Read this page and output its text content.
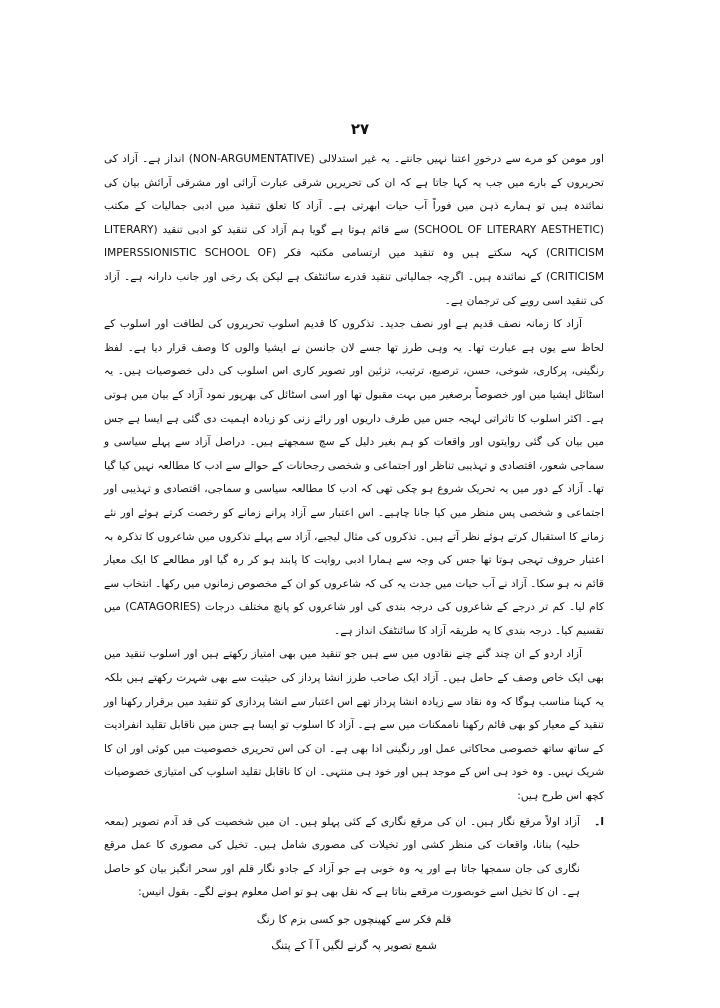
۲۷

اور مومن کو مرے سے درخورِ اعتنا نہیں جانتے۔ یہ غیر استدلالی (NON-ARGUMENTATIVE) انداز ہے۔ آزاد کی تحریروں کے بارے میں جب یہ کہا جاتا ہے کہ ان کی تحریریں شرقی عبارت آرائی اور مشرقی آرائش بیان کی نمائندہ ہیں تو ہمارے ذہن میں فوراً آب حیات ابھرتی ہے۔ آزاد کا تعلق تنقید میں ادبی جمالیات کے مکتب (SCHOOL OF LITERARY AESTHETIC) سے قائم ہوتا ہے گویا ہم آزاد کی تنقید کو ادبی تنقید (LITERARY CRITICISM) کہہ سکتے ہیں وہ تنقید میں ارتسامی مکتبہ فکر (IMPERSSIONISTIC SCHOOL OF CRITICISM) کے نمائندہ ہیں۔ اگرچہ جمالیاتی تنقید قدرے سائنٹفک ہے لیکن یک رخی اور جانب دارانہ ہے۔ آزاد کی تنقید اسی رویے کی ترجمان ہے۔

آزاد کا زمانہ نصف قدیم ہے اور نصف جدید۔ تذکروں کا قدیم اسلوب تحریروں کی لطافت اور اسلوب کے لحاظ سے یوں ہے عبارت تھا۔ یہ وہی طرز تھا جسے لان جانسن نے ایشیا والوں کا وصف قرار دیا ہے۔ لفظ رنگینی، پرکاری، شوخی، حسن، ترصیع، ترتیب، تزئین اور تصویر کاری اس اسلوب کی دلی خصوصیات ہیں۔ یہ اسٹائل ایشیا میں اور خصوصاً برصغیر میں بہت مقبول تھا اور اسی اسٹائل کی بھرپور نمود آزاد کے بیان میں ہوتی ہے۔ اکثر اسلوب کا تاثراتی لہجہ جس میں طرف داریوں اور رائے زنی کو زیادہ اہمیت دی گئی ہے ایسا ہے جس میں بیان کی گئی روایتوں اور واقعات کو ہم بغیر دلیل کے سچ سمجھتے ہیں۔ دراصل آزاد سے پہلے سیاسی و سماجی شعور، اقتصادی و تہذیبی تناظر اور اجتماعی و شخصی رجحانات کے حوالے سے ادب کا مطالعہ نہیں کیا گیا تھا۔ آزاد کے دور میں یہ تحریک شروع ہو چکی تھی کہ ادب کا مطالعہ سیاسی و سماجی، اقتصادی و تہذیبی اور اجتماعی و شخصی پس منظر میں کیا جانا چاہیے۔ اس اعتبار سے آزاد پرانے زمانے کو رخصت کرتے ہوئے اور نئے زمانے کا استقبال کرتے ہوئے نظر آتے ہیں۔ تذکروں کی مثال لیجیے، آزاد سے پہلے تذکروں میں شاعروں کا تذکرہ بہ اعتبار حروف تہجی ہوتا تھا جس کی وجہ سے ہمارا ادبی روایت کا پابند ہو کر رہ گیا اور مطالعے کا ایک معیار قائم نہ ہو سکا۔ آزاد نے آب حیات میں جدت یہ کی کہ شاعروں کو ان کے مخصوص زمانوں میں رکھا۔ انتخاب سے کام لیا۔ کم تر درجے کے شاعروں کی درجہ بندی کی اور شاعروں کو پانچ مختلف درجات (CATAGORIES) میں تقسیم کیا۔ درجہ بندی کا یہ طریقہ آزاد کا سائنٹفک انداز ہے۔

آزاد اردو کے ان چند گنے چنے نقادوں میں سے ہیں جو تنقید میں بھی امتیاز رکھتے ہیں اور اسلوب تنقید میں بھی ایک خاص وصف کے حامل ہیں۔ آزاد ایک صاحب طرز انشا پرداز کی حیثیت سے بھی شہرت رکھتے ہیں بلکہ یہ کہنا مناسب ہوگا کہ وہ نقاد سے زیادہ انشا پرداز تھے اس اعتبار سے انشا پردازی کو تنقید میں برقرار رکھنا اور تنقید کے معیار کو بھی قائم رکھنا ناممکنات میں سے ہے۔ آزاد کا اسلوب تو ایسا ہے جس میں ناقابل تقلید انفرادیت کے ساتھ ساتھ خصوصی محاکاتی عمل اور رنگینی ادا بھی ہے۔ ان کی اس تحریری خصوصیت میں کوئی اور ان کا شریک نہیں۔ وہ خود ہی اس کے موجد ہیں اور خود ہی منتہی۔ ان کا ناقابل تقلید اسلوب کی امتیازی خصوصیات کچھ اس طرح ہیں:

ا۔
آزاد اولاً مرقع نگار ہیں۔ ان کی مرقع نگاری کے کئی پہلو ہیں۔ ان میں شخصیت کی قد آدم تصویر (بمعہ حلیہ) بنانا، واقعات کی منظر کشی اور تخیلات کی مصوری شامل ہیں۔ تخیل کی مصوری کا عمل مرقع نگاری کی جان سمجھا جاتا ہے اور یہ وہ خوبی ہے جو آزاد کے جادو نگار قلم اور سحر انگیز بیان کو حاصل ہے۔ ان کا تخیل اسے خوبصورت مرقعے بناتا ہے کہ نقل بھی ہو تو اصل معلوم ہونے لگے۔ بقول انیس:

قلم فکر سے کھینچوں جو کسی بزم کا رنگ

شمع تصویر پہ گرنے لگیں آ آ کے پتنگ
